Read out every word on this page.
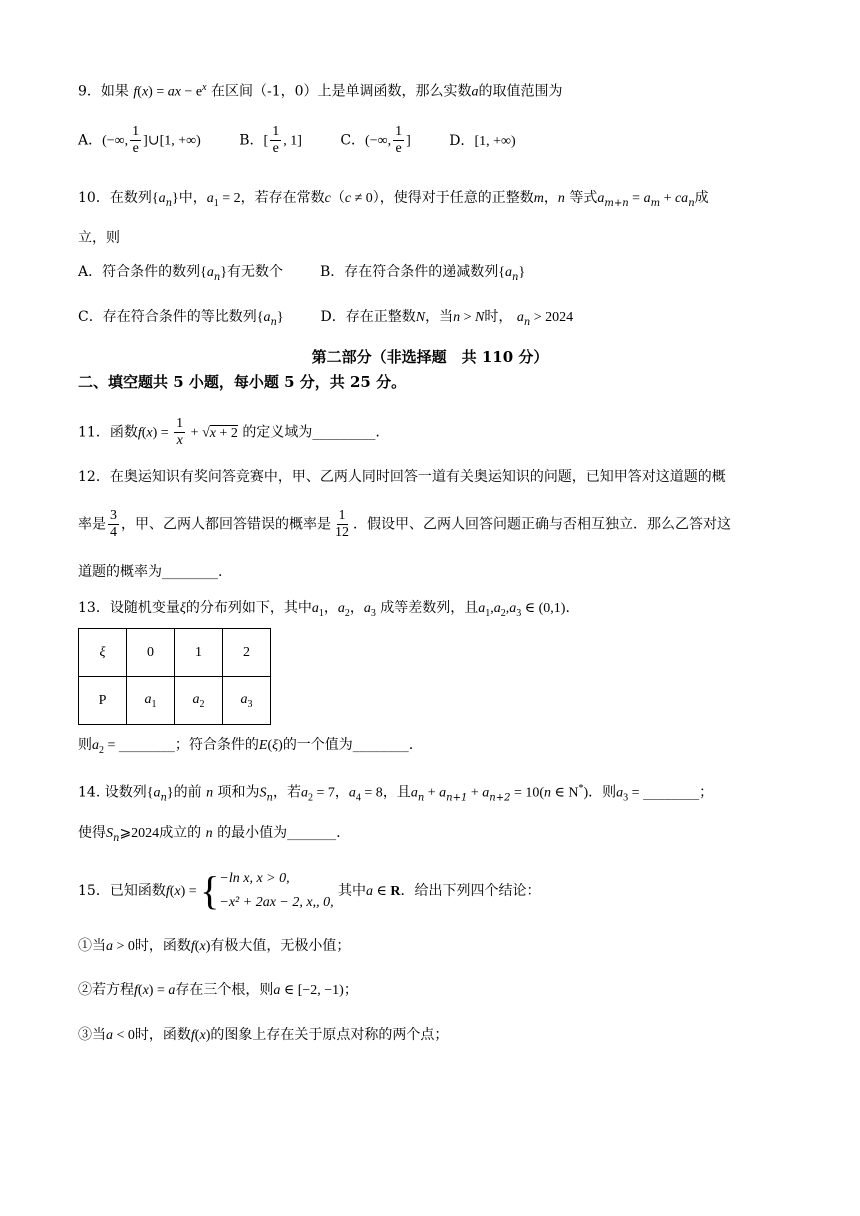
9．如果 f(x) = ax − $e^x$ 在区间（-1，0）上是单调函数，那么实数a的取值范围为
A．(−∞, $\frac{1}{e}$ ]∪[1, +∞)	B．[ $\frac{1}{e}$ , 1]	C．(−∞, $\frac{1}{e}$ ]	D．[1, +∞)
10．在数列$\{a_n\}$中，$a_1 = 2$，若存在常数c（c ≠ 0），使得对于任意的正整数m，n 等式$a_{m+n} = a_m + ca_n$成
立，则
A．符合条件的数列$\{a_n\}$有无数个	B．存在符合条件的递减数列$\{a_n\}$
C．存在符合条件的等比数列$\{a_n\}$	D．存在正整数N，当n > N时， $a_n > 2024$
第二部分（非选择题　共 110 分）
二、填空题共 5 小题，每小题 5 分，共 25 分。
11．函数$f(x) = \frac{1}{x} + √x + 2$ 的定义域为_________.
12．在奥运知识有奖问答竞赛中，甲、乙两人同时回答一道有关奥运知识的问题，已知甲答对这道题的概
率是 $\frac{3}{4}$ ，甲、乙两人都回答错误的概率是 $\frac{1}{12}$ ．假设甲、乙两人回答问题正确与否相互独立．那么乙答对这
道题的概率为________.
13．设随机变量ξ的分布列如下，其中$a_1$，$a_2$，$a_3$ 成等差数列，且$a_1,a_2,a_3$ ∈ (0,1).
ξ	0	1	2
P	$a_1$	$a_2$	$a_3$
则$a_2$ = ________；符合条件的E(ξ)的一个值为________.
14. 设数列$\{a_n\}$的前 n 项和为$S_n$，若$a_2 = 7$，$a_4 = 8$，且$a_n + a_{n+1} + a_{n+2} = 10(n$ ∈ N*)．则$a_3$ = ________；
使得$S_n⩾2024$成立的 n 的最小值为_______.
15．已知函数f(x) = { −ln x, x > 0,
−x² + 2ax − 2, x,, 0,
其中a ∈ R．给出下列四个结论：
①当a > 0时，函数f(x)有极大值，无极小值；
②若方程f(x) = a存在三个根，则a ∈ [−2, −1)；
③当a < 0时，函数f(x)的图象上存在关于原点对称的两个点；
